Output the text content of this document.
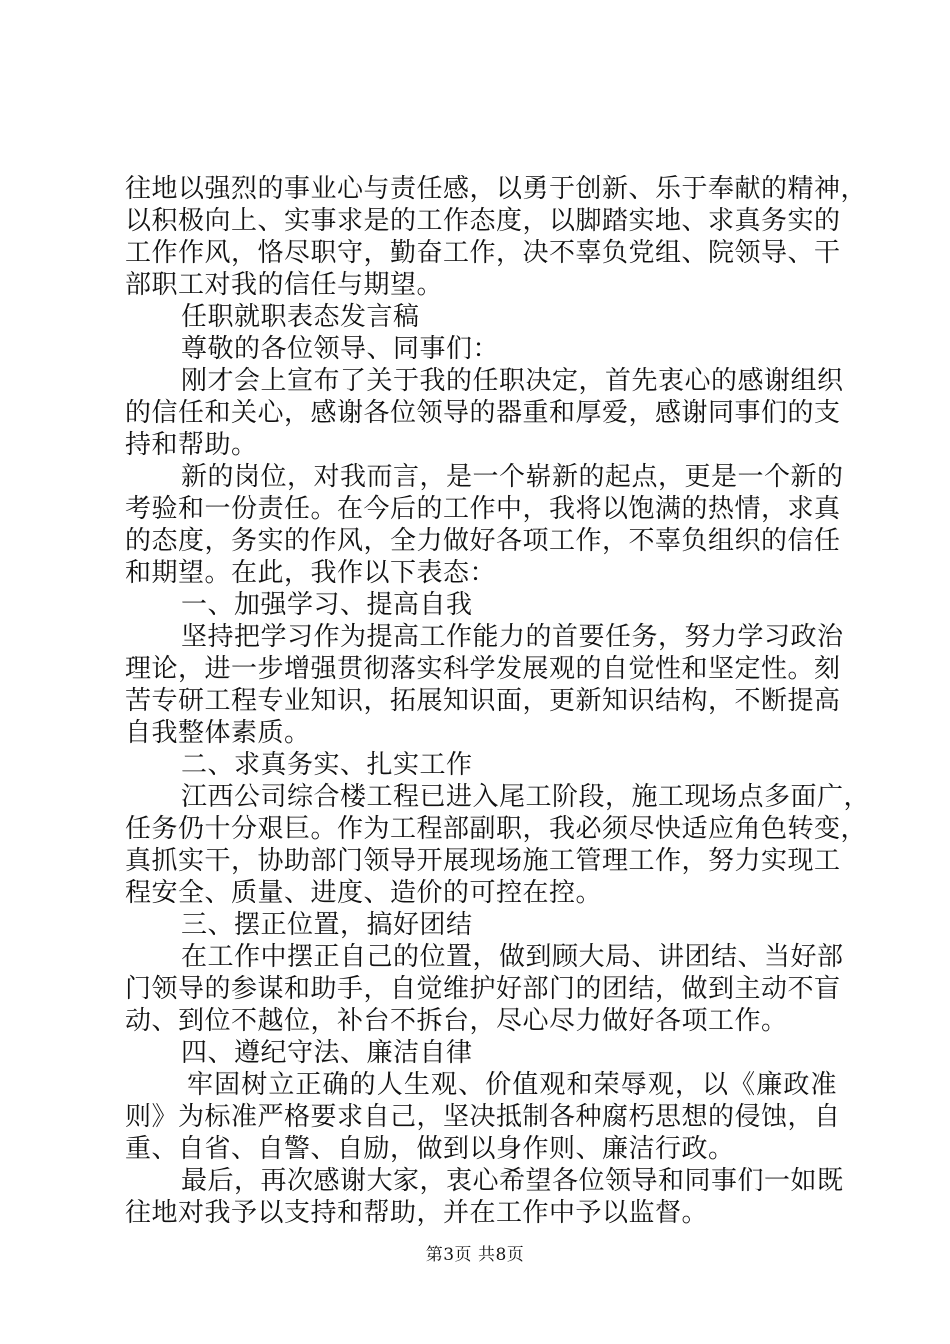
往地以强烈的事业心与责任感，以勇于创新、乐于奉献的精神，
以积极向上、实事求是的工作态度，以脚踏实地、求真务实的
工作作风，恪尽职守，勤奋工作，决不辜负党组、院领导、干
部职工对我的信任与期望。
任职就职表态发言稿
尊敬的各位领导、同事们：
刚才会上宣布了关于我的任职决定，首先衷心的感谢组织
的信任和关心，感谢各位领导的器重和厚爱，感谢同事们的支
持和帮助。
新的岗位，对我而言，是一个崭新的起点，更是一个新的
考验和一份责任。在今后的工作中，我将以饱满的热情，求真
的态度，务实的作风，全力做好各项工作，不辜负组织的信任
和期望。在此，我作以下表态：
一、加强学习、提高自我
坚持把学习作为提高工作能力的首要任务，努力学习政治
理论，进一步增强贯彻落实科学发展观的自觉性和坚定性。刻
苦专研工程专业知识，拓展知识面，更新知识结构，不断提高
自我整体素质。
二、求真务实、扎实工作
江西公司综合楼工程已进入尾工阶段，施工现场点多面广，
任务仍十分艰巨。作为工程部副职，我必须尽快适应角色转变，
真抓实干，协助部门领导开展现场施工管理工作，努力实现工
程安全、质量、进度、造价的可控在控。
三、摆正位置，搞好团结
在工作中摆正自己的位置，做到顾大局、讲团结、当好部
门领导的参谋和助手，自觉维护好部门的团结，做到主动不盲
动、到位不越位，补台不拆台，尽心尽力做好各项工作。
四、遵纪守法、廉洁自律
牢固树立正确的人生观、价值观和荣辱观，以《廉政准
则》为标准严格要求自己，坚决抵制各种腐朽思想的侵蚀，自
重、自省、自警、自励，做到以身作则、廉洁行政。
最后，再次感谢大家，衷心希望各位领导和同事们一如既
往地对我予以支持和帮助，并在工作中予以监督。
第3页 共8页
